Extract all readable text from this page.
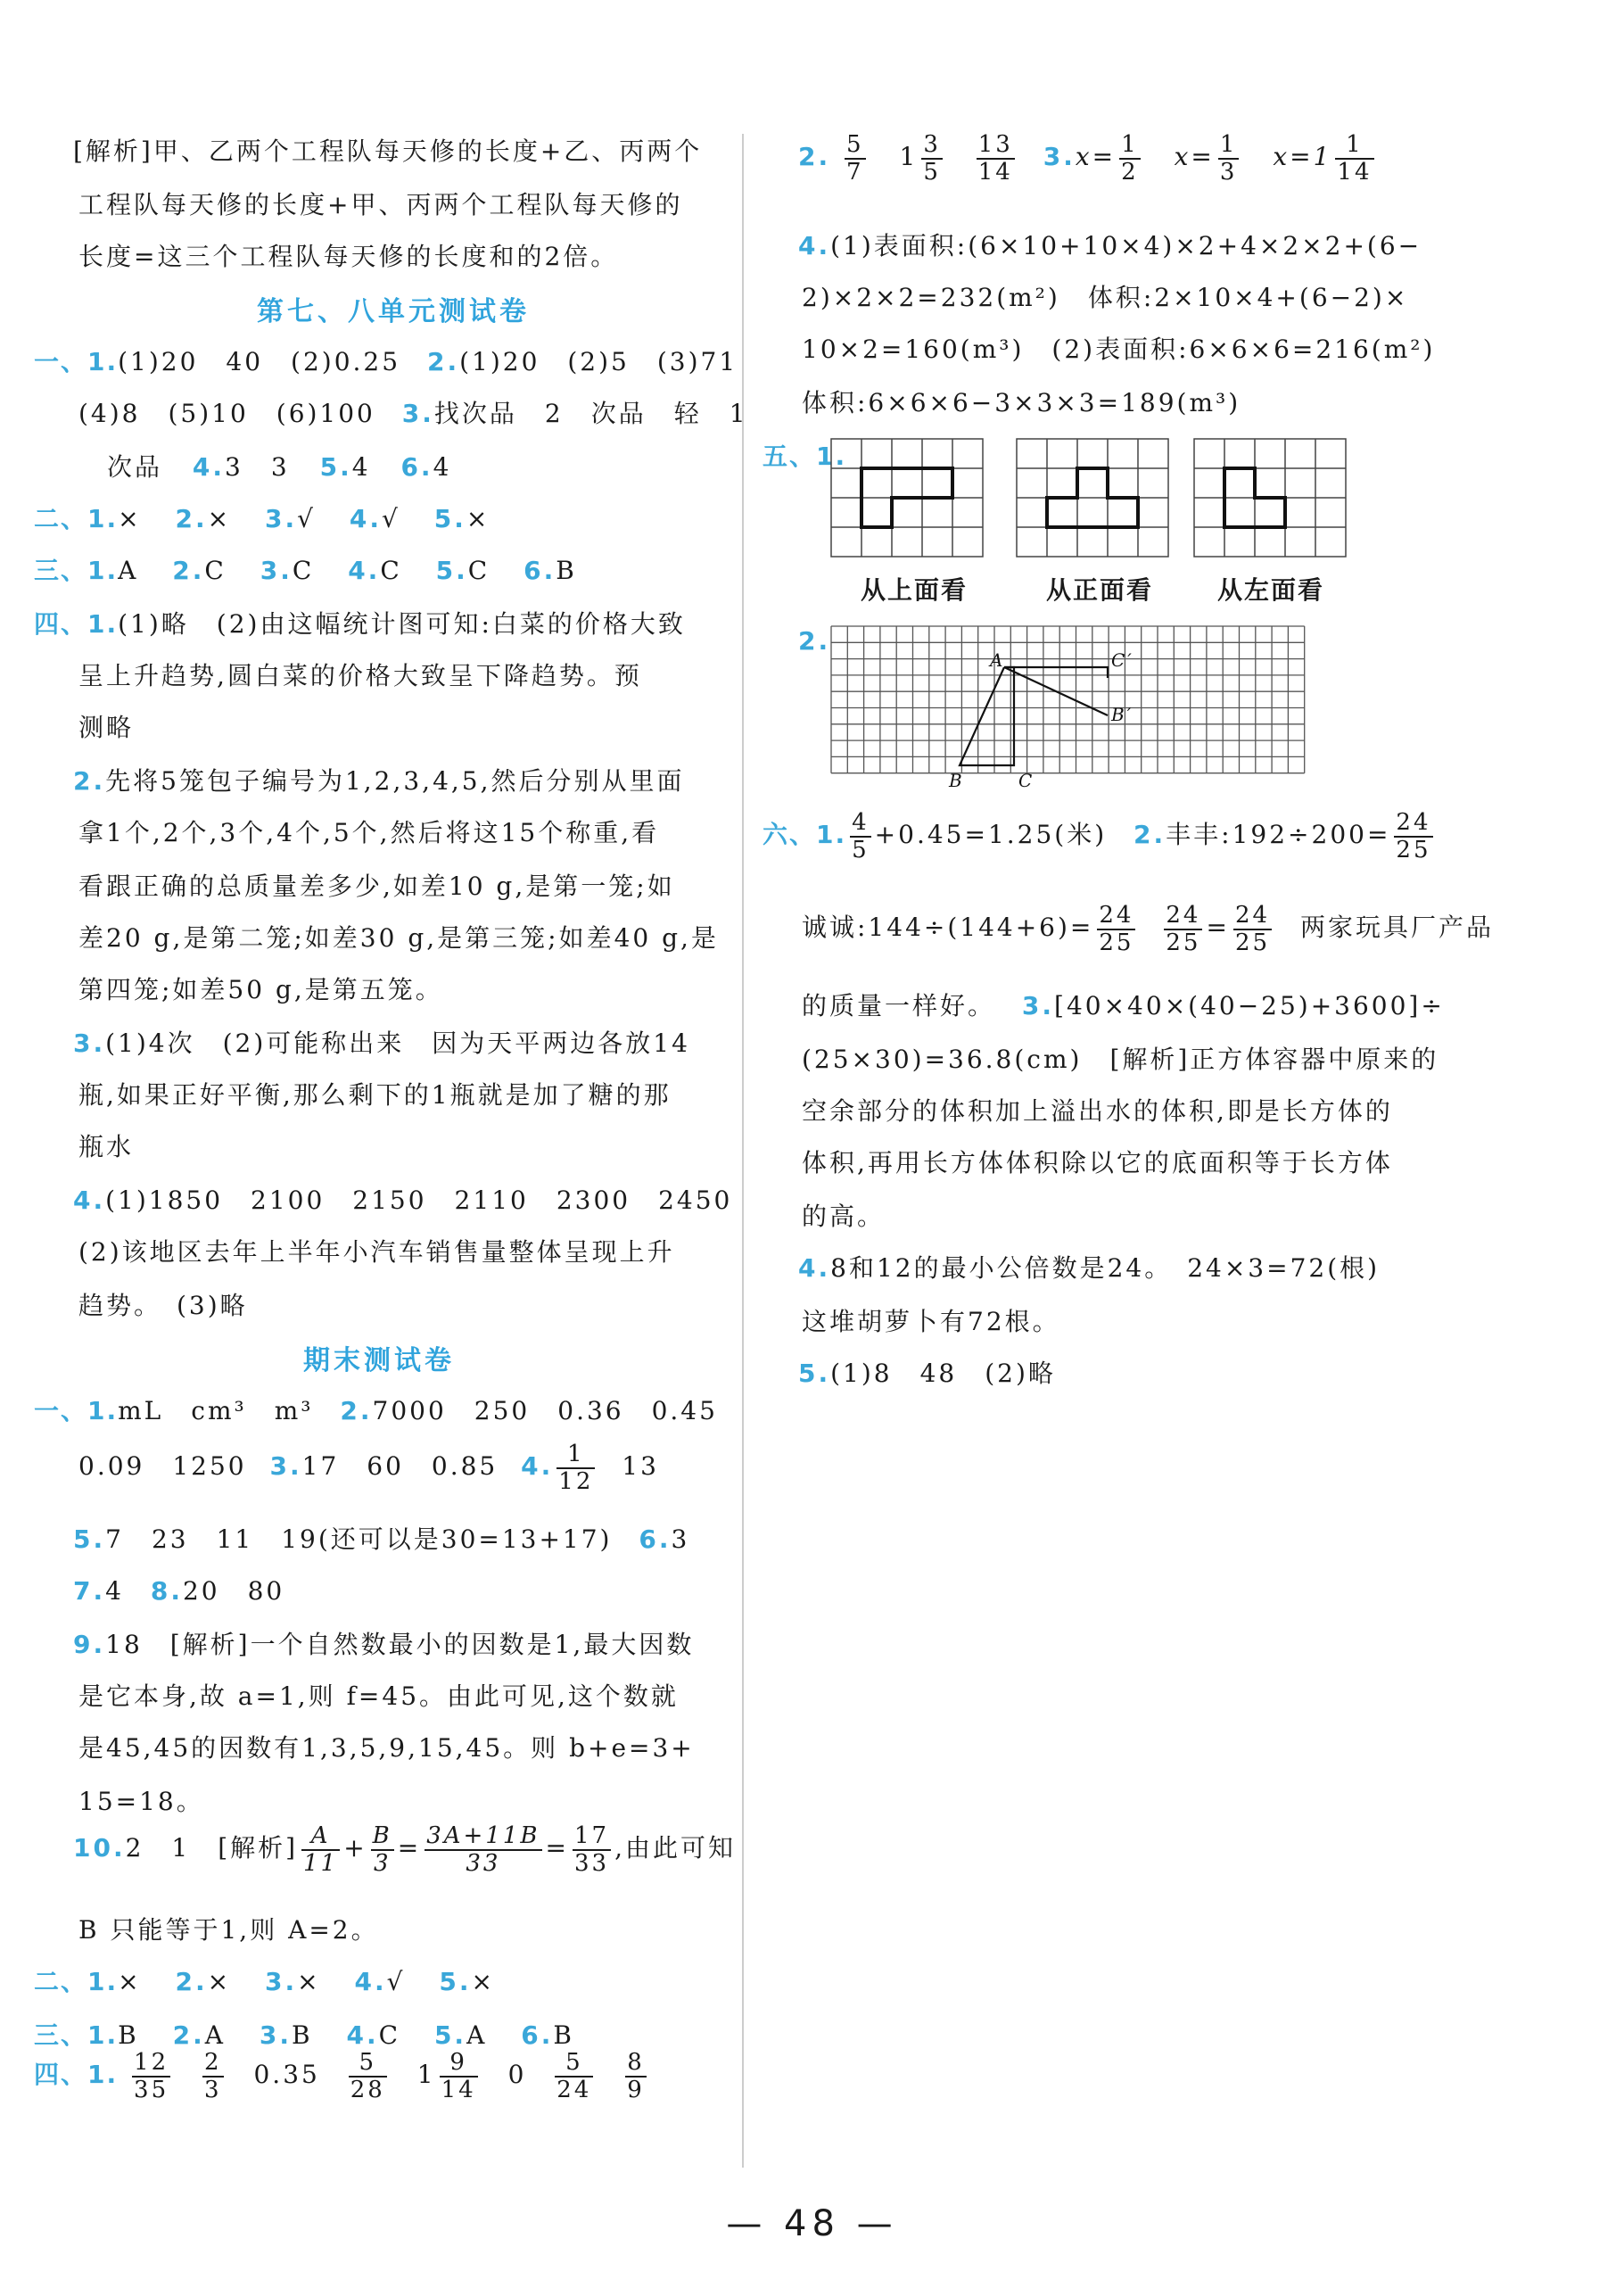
[解析]甲、乙两个工程队每天修的长度+乙、丙两个
工程队每天修的长度+甲、丙两个工程队每天修的
长度=这三个工程队每天修的长度和的2倍。
第七、八单元测试卷
一、1.(1)20　40　(2)0.25 2.(1)20　(2)5　(3)71
(4)8　(5)10　(6)100 3.找次品　2　次品　轻　1
次品 4.3　3 5.4 6.4
二、1.× 2.× 3.√ 4.√ 5.×
三、1.A 2.C 3.C 4.C 5.C 6.B
四、1.(1)略　(2)由这幅统计图可知:白菜的价格大致
呈上升趋势,圆白菜的价格大致呈下降趋势。预
测略
2.先将5笼包子编号为1,2,3,4,5,然后分别从里面
拿1个,2个,3个,4个,5个,然后将这15个称重,看
看跟正确的总质量差多少,如差10 g,是第一笼;如
差20 g,是第二笼;如差30 g,是第三笼;如差40 g,是
第四笼;如差50 g,是第五笼。
3.(1)4次　(2)可能称出来　因为天平两边各放14
瓶,如果正好平衡,那么剩下的1瓶就是加了糖的那
瓶水
4.(1)1850　2100　2150　2110　2300　2450
(2)该地区去年上半年小汽车销售量整体呈现上升
趋势。　(3)略
期末测试卷
一、1.mL　cm³　m³ 2.7000　250　0.36　0.45
0.09　1250 3.17　60　0.85 4. $\frac{1}{12} 13$
5.7　23　11　19(还可以是30=13+17) 6.3
7.4 8.20　80
9.18　[解析]一个自然数最小的因数是1,最大因数
是它本身,故 a=1,则 f=45。由此可见,这个数就
是45,45的因数有1,3,5,9,15,45。则 b+e=3+
15=18。
10.2　1　[解析] $\frac{A}{11} + \frac{B}{3} = \frac{3A+11B}{33} = \frac{17}{33}$ ,由此可知
B 只能等于1,则 A=2。
二、1.× 2.× 3.× 4.√ 5.×
三、1.B 2.A 3.B 4.C 5.A 6.B
四、1. $\frac{12}{35}$
$\frac{2}{3} 0.35 \frac{5}{28} 1 \frac{9}{14} 0 \frac{5}{24}$
$\frac{8}{9}$
2. $\frac{5}{7} 1 \frac{3}{5}$
$\frac{13}{14} 3.x= \frac{1}{2} x= \frac{1}{3} x=1 \frac{1}{14}$
4.(1)表面积:(6×10+10×4)×2+4×2×2+(6−
2)×2×2=232(m²)　体积:2×10×4+(6−2)×
10×2=160(m³)　(2)表面积:6×6×6=216(m²)
体积:6×6×6−3×3×3=189(m³)
五、1.
从上面看	从正面看	从左面看
2.
A	C′
B′
B	C
六、1. $\frac{4}{5} +0.45=1.25$(米) 2.丰丰:192÷200= $\frac{24}{25}$
诚诚:144÷(144+6)= $\frac{24}{25}$
$\frac{24}{25} = \frac{24}{25}$ 两家玩具厂产品
的质量一样好。 3.[40×40×(40−25)+3600]÷
(25×30)=36.8(cm)　[解析]正方体容器中原来的
空余部分的体积加上溢出水的体积,即是长方体的
体积,再用长方体体积除以它的底面积等于长方体
的高。
4.8和12的最小公倍数是24。　24×3=72(根)
这堆胡萝卜有72根。
5.(1)8　48　(2)略
— 48 —
